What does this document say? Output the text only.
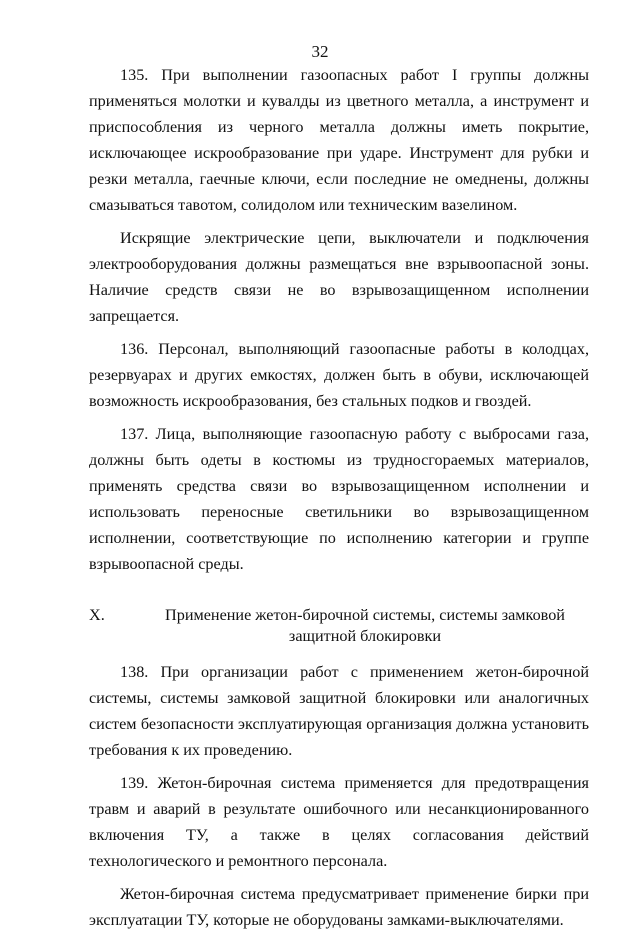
32

135. При выполнении газоопасных работ I группы должны применяться молотки и кувалды из цветного металла, а инструмент и приспособления из черного металла должны иметь покрытие, исключающее искрообразование при ударе. Инструмент для рубки и резки металла, гаечные ключи, если последние не омеднены, должны смазываться тавотом, солидолом или техническим вазелином.

Искрящие электрические цепи, выключатели и подключения электрооборудования должны размещаться вне взрывоопасной зоны. Наличие средств связи не во взрывозащищенном исполнении запрещается.

136. Персонал, выполняющий газоопасные работы в колодцах, резервуарах и других емкостях, должен быть в обуви, исключающей возможность искрообразования, без стальных подков и гвоздей.

137. Лица, выполняющие газоопасную работу с выбросами газа, должны быть одеты в костюмы из трудносгораемых материалов, применять средства связи во взрывозащищенном исполнении и использовать переносные светильники во взрывозащищенном исполнении, соответствующие по исполнению категории и группе взрывоопасной среды.

X.	Применение жетон-бирочной системы, системы замковой защитной блокировки

138. При организации работ с применением жетон-бирочной системы, системы замковой защитной блокировки или аналогичных систем безопасности эксплуатирующая организация должна установить требования к их проведению.

139. Жетон-бирочная система применяется для предотвращения травм и аварий в результате ошибочного или несанкционированного включения ТУ, а также в целях согласования действий технологического и ремонтного персонала.

Жетон-бирочная система предусматривает применение бирки при эксплуатации ТУ, которые не оборудованы замками-выключателями.
